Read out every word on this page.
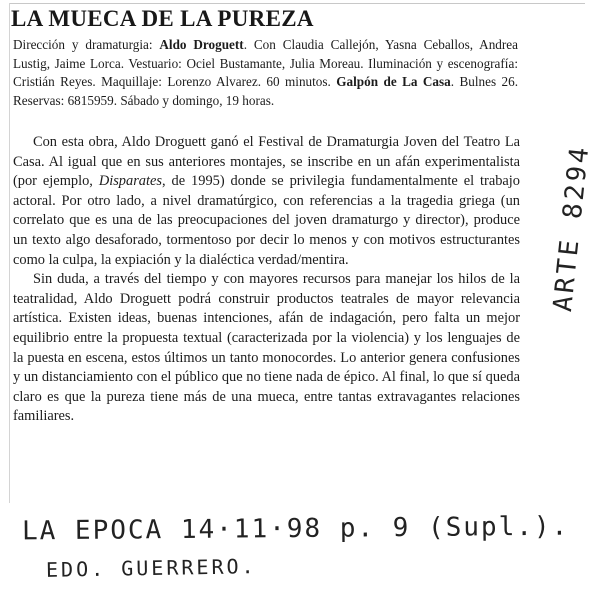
LA MUECA DE LA PUREZA
Dirección y dramaturgia: Aldo Droguett. Con Claudia Callejón, Yasna Ceballos, Andrea Lustig, Jaime Lorca. Vestuario: Ociel Bustamante, Julia Moreau. Iluminación y escenografía: Cristián Reyes. Maquillaje: Lorenzo Alvarez. 60 minutos. Galpón de La Casa. Bulnes 26. Reservas: 6815959. Sábado y domingo, 19 horas.

Con esta obra, Aldo Droguett ganó el Festival de Dramaturgia Joven del Teatro La Casa. Al igual que en sus anteriores montajes, se inscribe en un afán experimentalista (por ejemplo, Disparates, de 1995) donde se privilegia fundamentalmente el trabajo actoral. Por otro lado, a nivel dramatúrgico, con referencias a la tragedia griega (un correlato que es una de las preocupaciones del joven dramaturgo y director), produce un texto algo desaforado, tormentoso por decir lo menos y con motivos estructurantes como la culpa, la expiación y la dialéctica verdad/mentira.

Sin duda, a través del tiempo y con mayores recursos para manejar los hilos de la teatralidad, Aldo Droguett podrá construir productos teatrales de mayor relevancia artística. Existen ideas, buenas intenciones, afán de indagación, pero falta un mejor equilibrio entre la propuesta textual (caracterizada por la violencia) y los lenguajes de la puesta en escena, estos últimos un tanto monocordes. Lo anterior genera confusiones y un distanciamiento con el público que no tiene nada de épico. Al final, lo que sí queda claro es que la pureza tiene más de una mueca, entre tantas extravagantes relaciones familiares.

ARTE 8294
LA EPOCA 14·11·98 p. 9 (Supl.).
EDO. GUERRERO.
